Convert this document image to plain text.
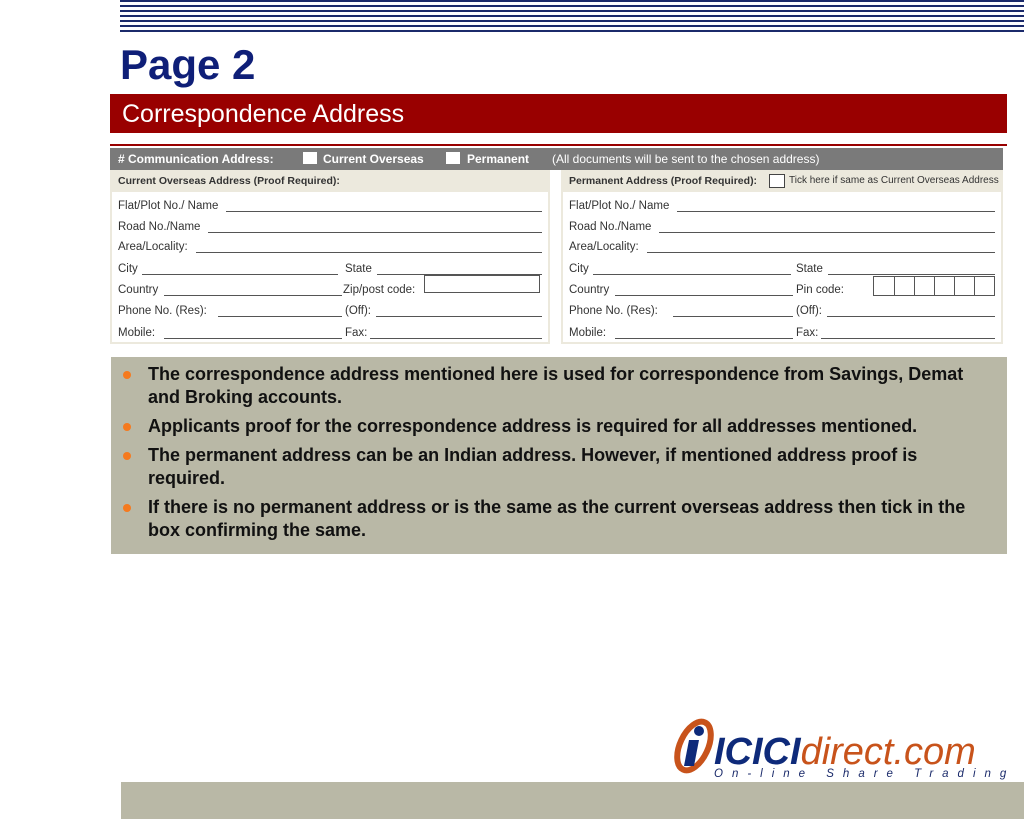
Page 2
Correspondence Address
# Communication Address:	Current Overseas	Permanent (All documents will be sent to the chosen address)
Current Overseas Address (Proof Required):
Flat/Plot No./ Name
Road No./Name
Area/Locality:
City	State
Country	Zip/post code:
Phone No. (Res):	(Off):
Mobile:	Fax:
Permanent Address (Proof Required):	Tick here if same as Current Overseas Address
Flat/Plot No./ Name
Road No./Name
Area/Locality:
City	State
Country	Pin code:
Phone No. (Res):	(Off):
Mobile:	Fax:
The correspondence address mentioned here is used for correspondence from Savings, Demat and Broking accounts.
Applicants proof for the correspondence address is required for all addresses mentioned.
The permanent address can be an Indian address. However, if mentioned address proof is required.
If there is no permanent address or is the same as the current overseas address then tick in the box confirming the same.
ICICIdirect.com
On-line Share Trading
